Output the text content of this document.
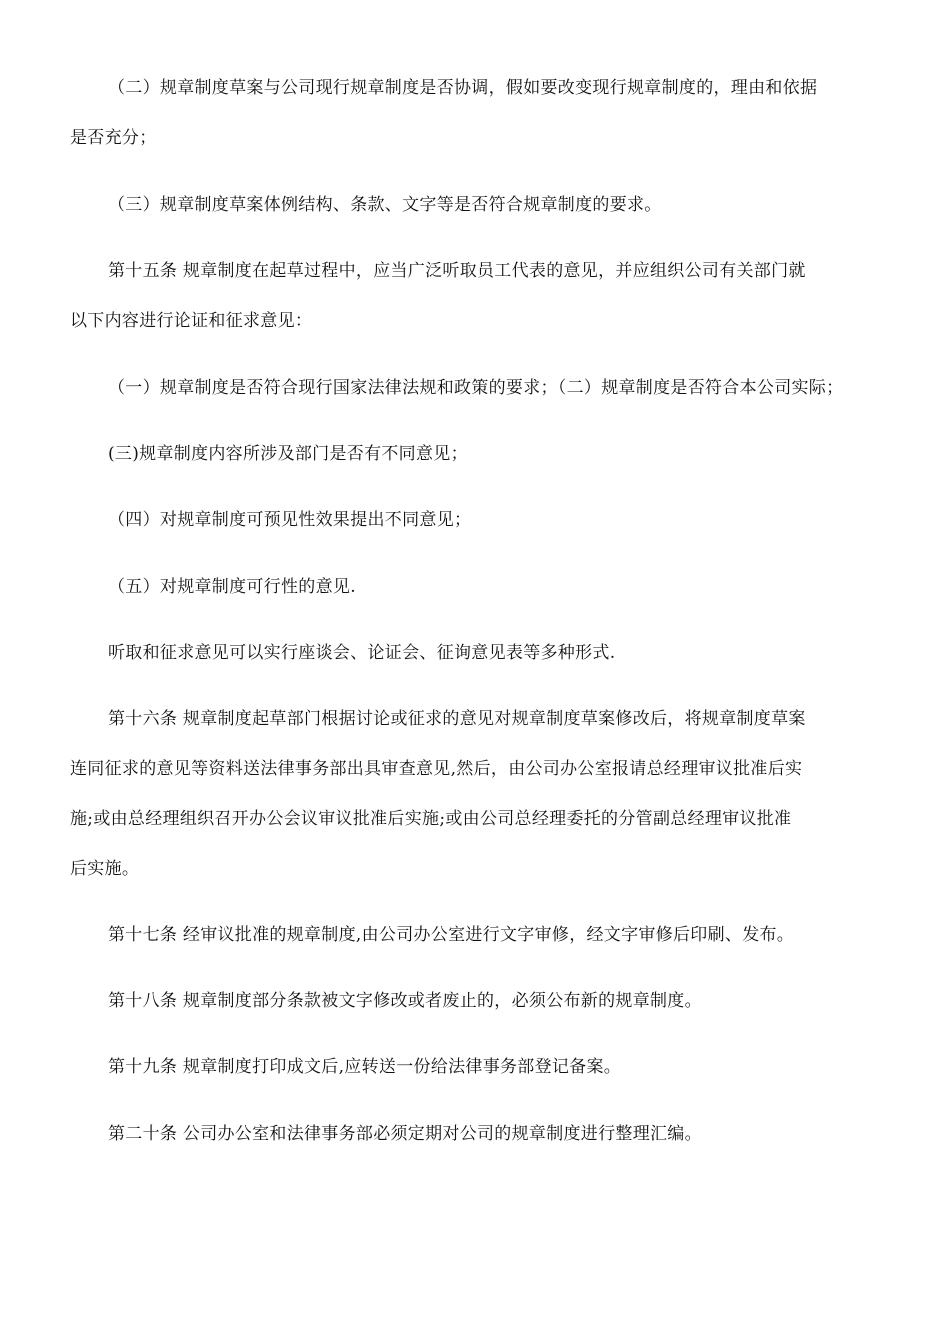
（二）规章制度草案与公司现行规章制度是否协调，假如要改变现行规章制度的，理由和依据
是否充分；
（三）规章制度草案体例结构、条款、文字等是否符合规章制度的要求。
第十五条 规章制度在起草过程中，应当广泛听取员工代表的意见，并应组织公司有关部门就
以下内容进行论证和征求意见：
（一）规章制度是否符合现行国家法律法规和政策的要求；（二）规章制度是否符合本公司实际；
(三)规章制度内容所涉及部门是否有不同意见；
（四）对规章制度可预见性效果提出不同意见；
（五）对规章制度可行性的意见.
听取和征求意见可以实行座谈会、论证会、征询意见表等多种形式.
第十六条 规章制度起草部门根据讨论或征求的意见对规章制度草案修改后，将规章制度草案
连同征求的意见等资料送法律事务部出具审查意见,然后，由公司办公室报请总经理审议批准后实
施;或由总经理组织召开办公会议审议批准后实施;或由公司总经理委托的分管副总经理审议批准
后实施。
第十七条 经审议批准的规章制度,由公司办公室进行文字审修，经文字审修后印刷、发布。
第十八条 规章制度部分条款被文字修改或者废止的，必须公布新的规章制度。
第十九条 规章制度打印成文后,应转送一份给法律事务部登记备案。
第二十条 公司办公室和法律事务部必须定期对公司的规章制度进行整理汇编。
